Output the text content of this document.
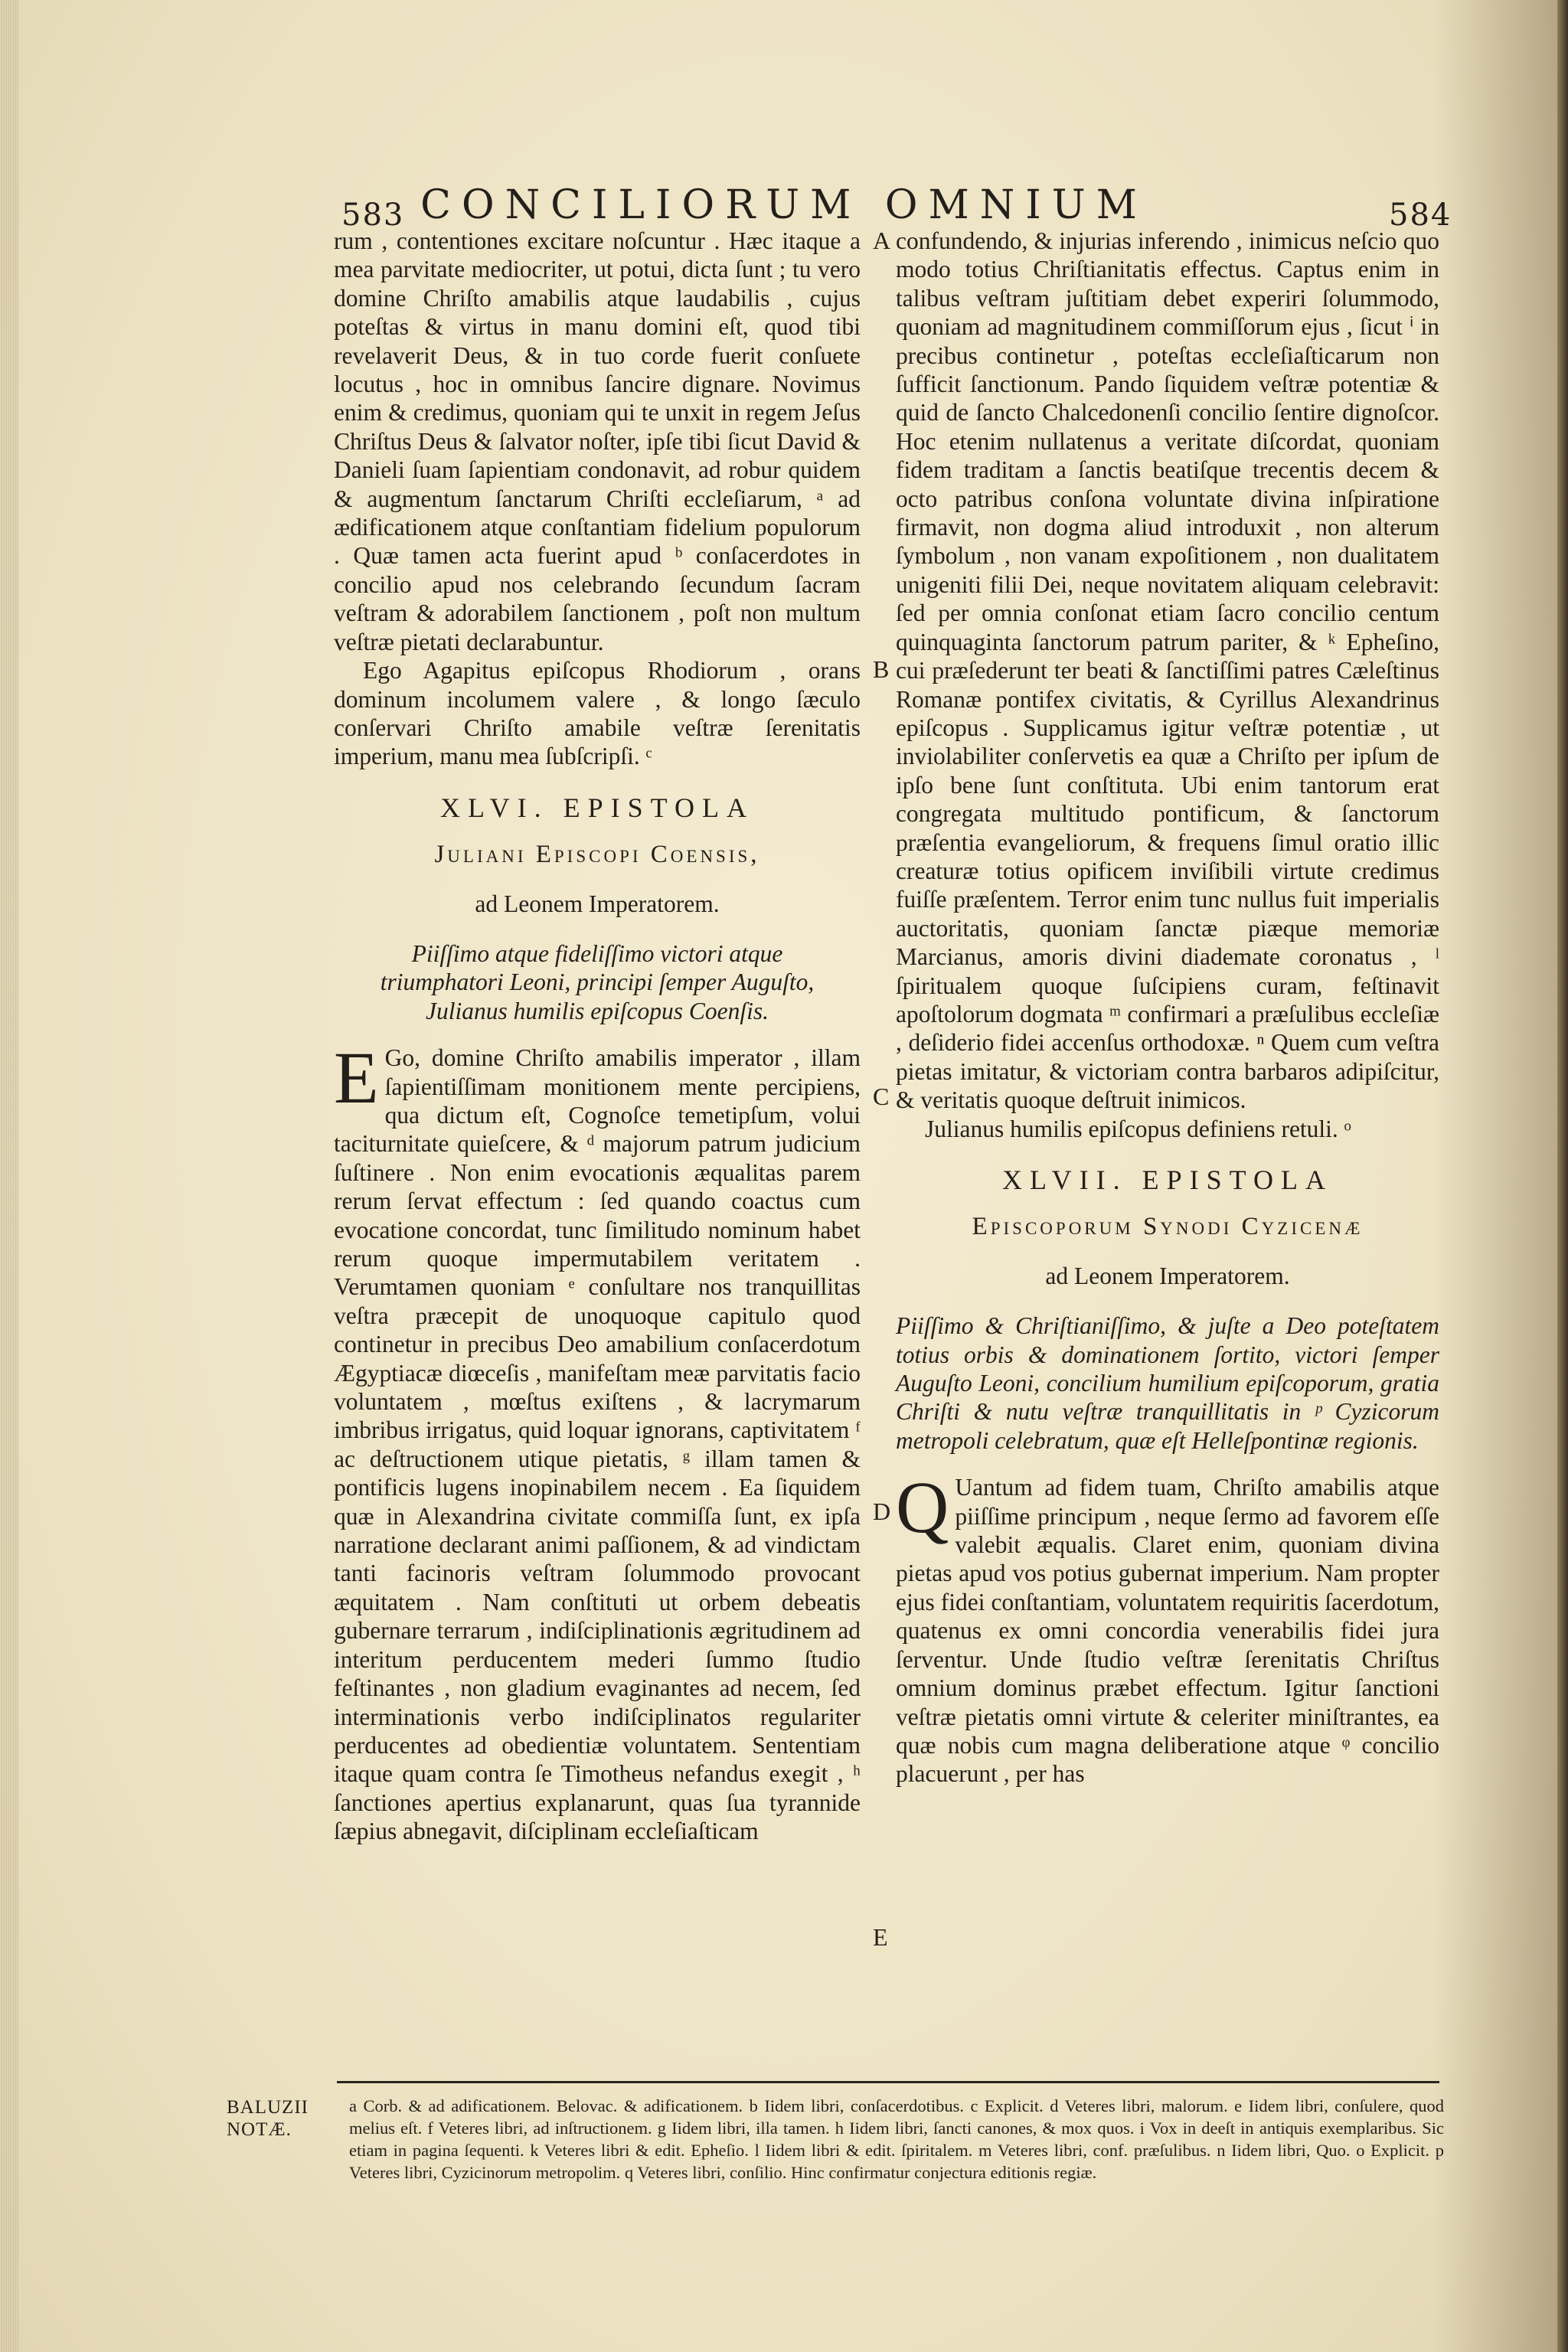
583 CONCILIORUM OMNIUM	584

rum , contentiones excitare noſcuntur . Hæc itaque a mea parvitate mediocriter, ut potui, dicta ſunt ; tu vero domine Chriſto amabilis atque laudabilis , cujus poteſtas & virtus in manu domini eſt, quod tibi revelaverit Deus, & in tuo corde fuerit conſuete locutus , hoc in omnibus ſancire dignare. Novimus enim & credimus, quoniam qui te unxit in regem Jeſus Chriſtus Deus & ſalvator noſter, ipſe tibi ſicut David & Danieli ſuam ſapientiam condonavit, ad robur quidem & augmentum ſanctarum Chriſti eccleſiarum, ᵃ ad ædificationem atque conſtantiam fidelium populorum . Quæ tamen acta fuerint apud ᵇ conſacerdotes in concilio apud nos celebrando ſecundum ſacram veſtram & adorabilem ſanctionem , poſt non multum veſtræ pietati declarabuntur.

Ego Agapitus epiſcopus Rhodiorum , orans dominum incolumem valere , & longo ſæculo conſervari Chriſto amabile veſtræ ſerenitatis imperium, manu mea ſubſcripſi. ᶜ

XLVI. EPISTOLA
Juliani Episcopi Coensis,
ad Leonem Imperatorem.

Piiſſimo atque fideliſſimo victori atque triumphatori Leoni, principi ſemper Auguſto, Julianus humilis epiſcopus Coenſis.

E Go, domine Chriſto amabilis imperator , illam ſapientiſſimam monitionem mente percipiens, qua dictum eſt, Cognoſce temetipſum, volui taciturnitate quieſcere, & ᵈ majorum patrum judicium ſuſtinere . Non enim evocationis æqualitas parem rerum ſervat effectum : ſed quando coactus cum evocatione concordat, tunc ſimilitudo nominum habet rerum quoque impermutabilem veritatem . Verumtamen quoniam ᵉ conſultare nos tranquillitas veſtra præcepit de unoquoque capitulo quod continetur in precibus Deo amabilium conſacerdotum Ægyptiacæ diœceſis , manifeſtam meæ parvitatis facio voluntatem , mœſtus exiſtens , & lacrymarum imbribus irrigatus, quid loquar ignorans, captivitatem ᶠ ac deſtructionem utique pietatis, ᵍ illam tamen & pontificis lugens inopinabilem necem . Ea ſiquidem quæ in Alexandrina civitate commiſſa ſunt, ex ipſa narratione declarant animi paſſionem, & ad vindictam tanti facinoris veſtram ſolummodo provocant æquitatem . Nam conſtituti ut orbem debeatis gubernare terrarum , indiſciplinationis ægritudinem ad interitum perducentem mederi ſummo ſtudio feſtinantes , non gladium evaginantes ad necem, ſed interminationis verbo indiſciplinatos regulariter perducentes ad obedientiæ voluntatem. Sententiam itaque quam contra ſe Timotheus nefandus exegit , ʰ ſanctiones apertius explanarunt, quas ſua tyrannide ſæpius abnegavit, diſciplinam eccleſiaſticam

A
B
C
D
E

confundendo, & injurias inferendo , inimicus neſcio quo modo totius Chriſtianitatis effectus. Captus enim in talibus veſtram juſtitiam debet experiri ſolummodo, quoniam ad magnitudinem commiſſorum ejus , ſicut ⁱ in precibus continetur , poteſtas eccleſiaſticarum non ſufficit ſanctionum. Pando ſiquidem veſtræ potentiæ & quid de ſancto Chalcedonenſi concilio ſentire dignoſcor. Hoc etenim nullatenus a veritate diſcordat, quoniam fidem traditam a ſanctis beatiſque trecentis decem & octo patribus conſona voluntate divina inſpiratione firmavit, non dogma aliud introduxit , non alterum ſymbolum , non vanam expoſitionem , non dualitatem unigeniti filii Dei, neque novitatem aliquam celebravit: ſed per omnia conſonat etiam ſacro concilio centum quinquaginta ſanctorum patrum pariter, & ᵏ Epheſino, cui præſederunt ter beati & ſanctiſſimi patres Cæleſtinus Romanæ pontifex civitatis, & Cyrillus Alexandrinus epiſcopus . Supplicamus igitur veſtræ potentiæ , ut inviolabiliter conſervetis ea quæ a Chriſto per ipſum de ipſo bene ſunt conſtituta. Ubi enim tantorum erat congregata multitudo pontificum, & ſanctorum præſentia evangeliorum, & frequens ſimul oratio illic creaturæ totius opificem inviſibili virtute credimus fuiſſe præſentem. Terror enim tunc nullus fuit imperialis auctoritatis, quoniam ſanctæ piæque memoriæ Marcianus, amoris divini diademate coronatus , ˡ ſpiritualem quoque ſuſcipiens curam, feſtinavit apoſtolorum dogmata ᵐ confirmari a præſulibus eccleſiæ , deſiderio fidei accenſus orthodoxæ. ⁿ Quem cum veſtra pietas imitatur, & victoriam contra barbaros adipiſcitur, & veritatis quoque deſtruit inimicos.

Julianus humilis epiſcopus definiens retuli. ᵒ

XLVII. EPISTOLA
Episcoporum Synodi Cyzicenæ
ad Leonem Imperatorem.

Piiſſimo & Chriſtianiſſimo, & juſte a Deo poteſtatem totius orbis & dominationem ſortito, victori ſemper Auguſto Leoni, concilium humilium epiſcoporum, gratia Chriſti & nutu veſtræ tranquillitatis in ᵖ Cyzicorum metropoli celebratum, quæ eſt Helleſpontinæ regionis.

Q Uantum ad fidem tuam, Chriſto amabilis atque piiſſime principum , neque ſermo ad favorem eſſe valebit æqualis. Claret enim, quoniam divina pietas apud vos potius gubernat imperium. Nam propter ejus fidei conſtantiam, voluntatem requiritis ſacerdotum, quatenus ex omni concordia venerabilis fidei jura ſerventur. Unde ſtudio veſtræ ſerenitatis Chriſtus omnium dominus præbet effectum. Igitur ſanctioni veſtræ pietatis omni virtute & celeriter miniſtrantes, ea quæ nobis cum magna deliberatione atque ᵠ concilio placuerunt , per has

BALUZII
NOTÆ.

a Corb. & ad adificationem. Belovac. & adificationem. b Iidem libri, conſacerdotibus. c Explicit. d Veteres libri, malorum. e Iidem libri, conſulere, quod melius eſt. f Veteres libri, ad inſtructionem. g Iidem libri, illa tamen. h Iidem libri, ſancti canones, & mox quos. i Vox in deeſt in antiquis exemplaribus. Sic etiam in pagina ſequenti. k Veteres libri & edit. Epheſio. l Iidem libri & edit. ſpiritalem. m Veteres libri, conf. præſulibus. n Iidem libri, Quo. o Explicit. p Veteres libri, Cyzicinorum metropolim. q Veteres libri, conſilio. Hinc confirmatur conjectura editionis regiæ.
